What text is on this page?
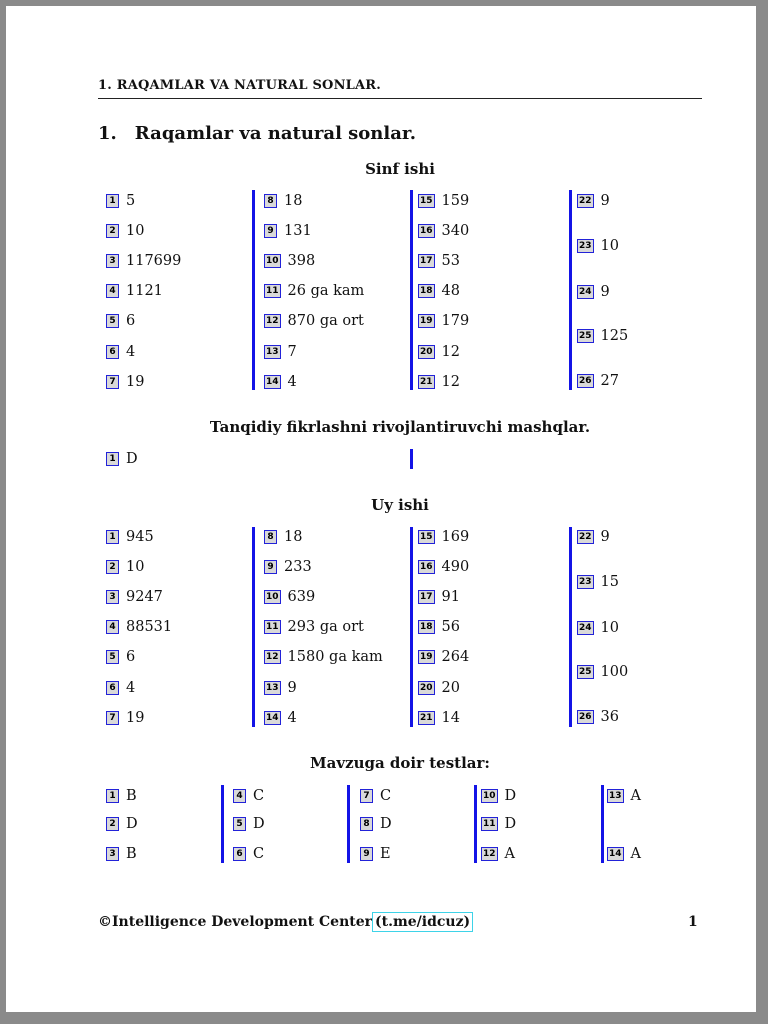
1. RAQAMLAR VA NATURAL SONLAR.
1. Raqamlar va natural sonlar.
Sinf ishi
1 5
2 10
3 117699
4 1121
5 6
6 4
7 19
8 18
9 131
10 398
11 26 ga kam
12 870 ga ort
13 7
14 4
15 159
16 340
17 53
18 48
19 179
20 12
21 12
22 9
23 10
24 9
25 125
26 27
Tanqidiy fikrlashni rivojlantiruvchi mashqlar.
1 D
Uy ishi
1 945
2 10
3 9247
4 88531
5 6
6 4
7 19
8 18
9 233
10 639
11 293 ga ort
12 1580 ga kam
13 9
14 4
15 169
16 490
17 91
18 56
19 264
20 20
21 14
22 9
23 15
24 10
25 100
26 36
Mavzuga doir testlar:
1 B
2 D
3 B
4 C
5 D
6 C
7 C
8 D
9 E
10 D
11 D
12 A
13 A
14 A
©Intelligence Development Center (t.me/idcuz)	1
